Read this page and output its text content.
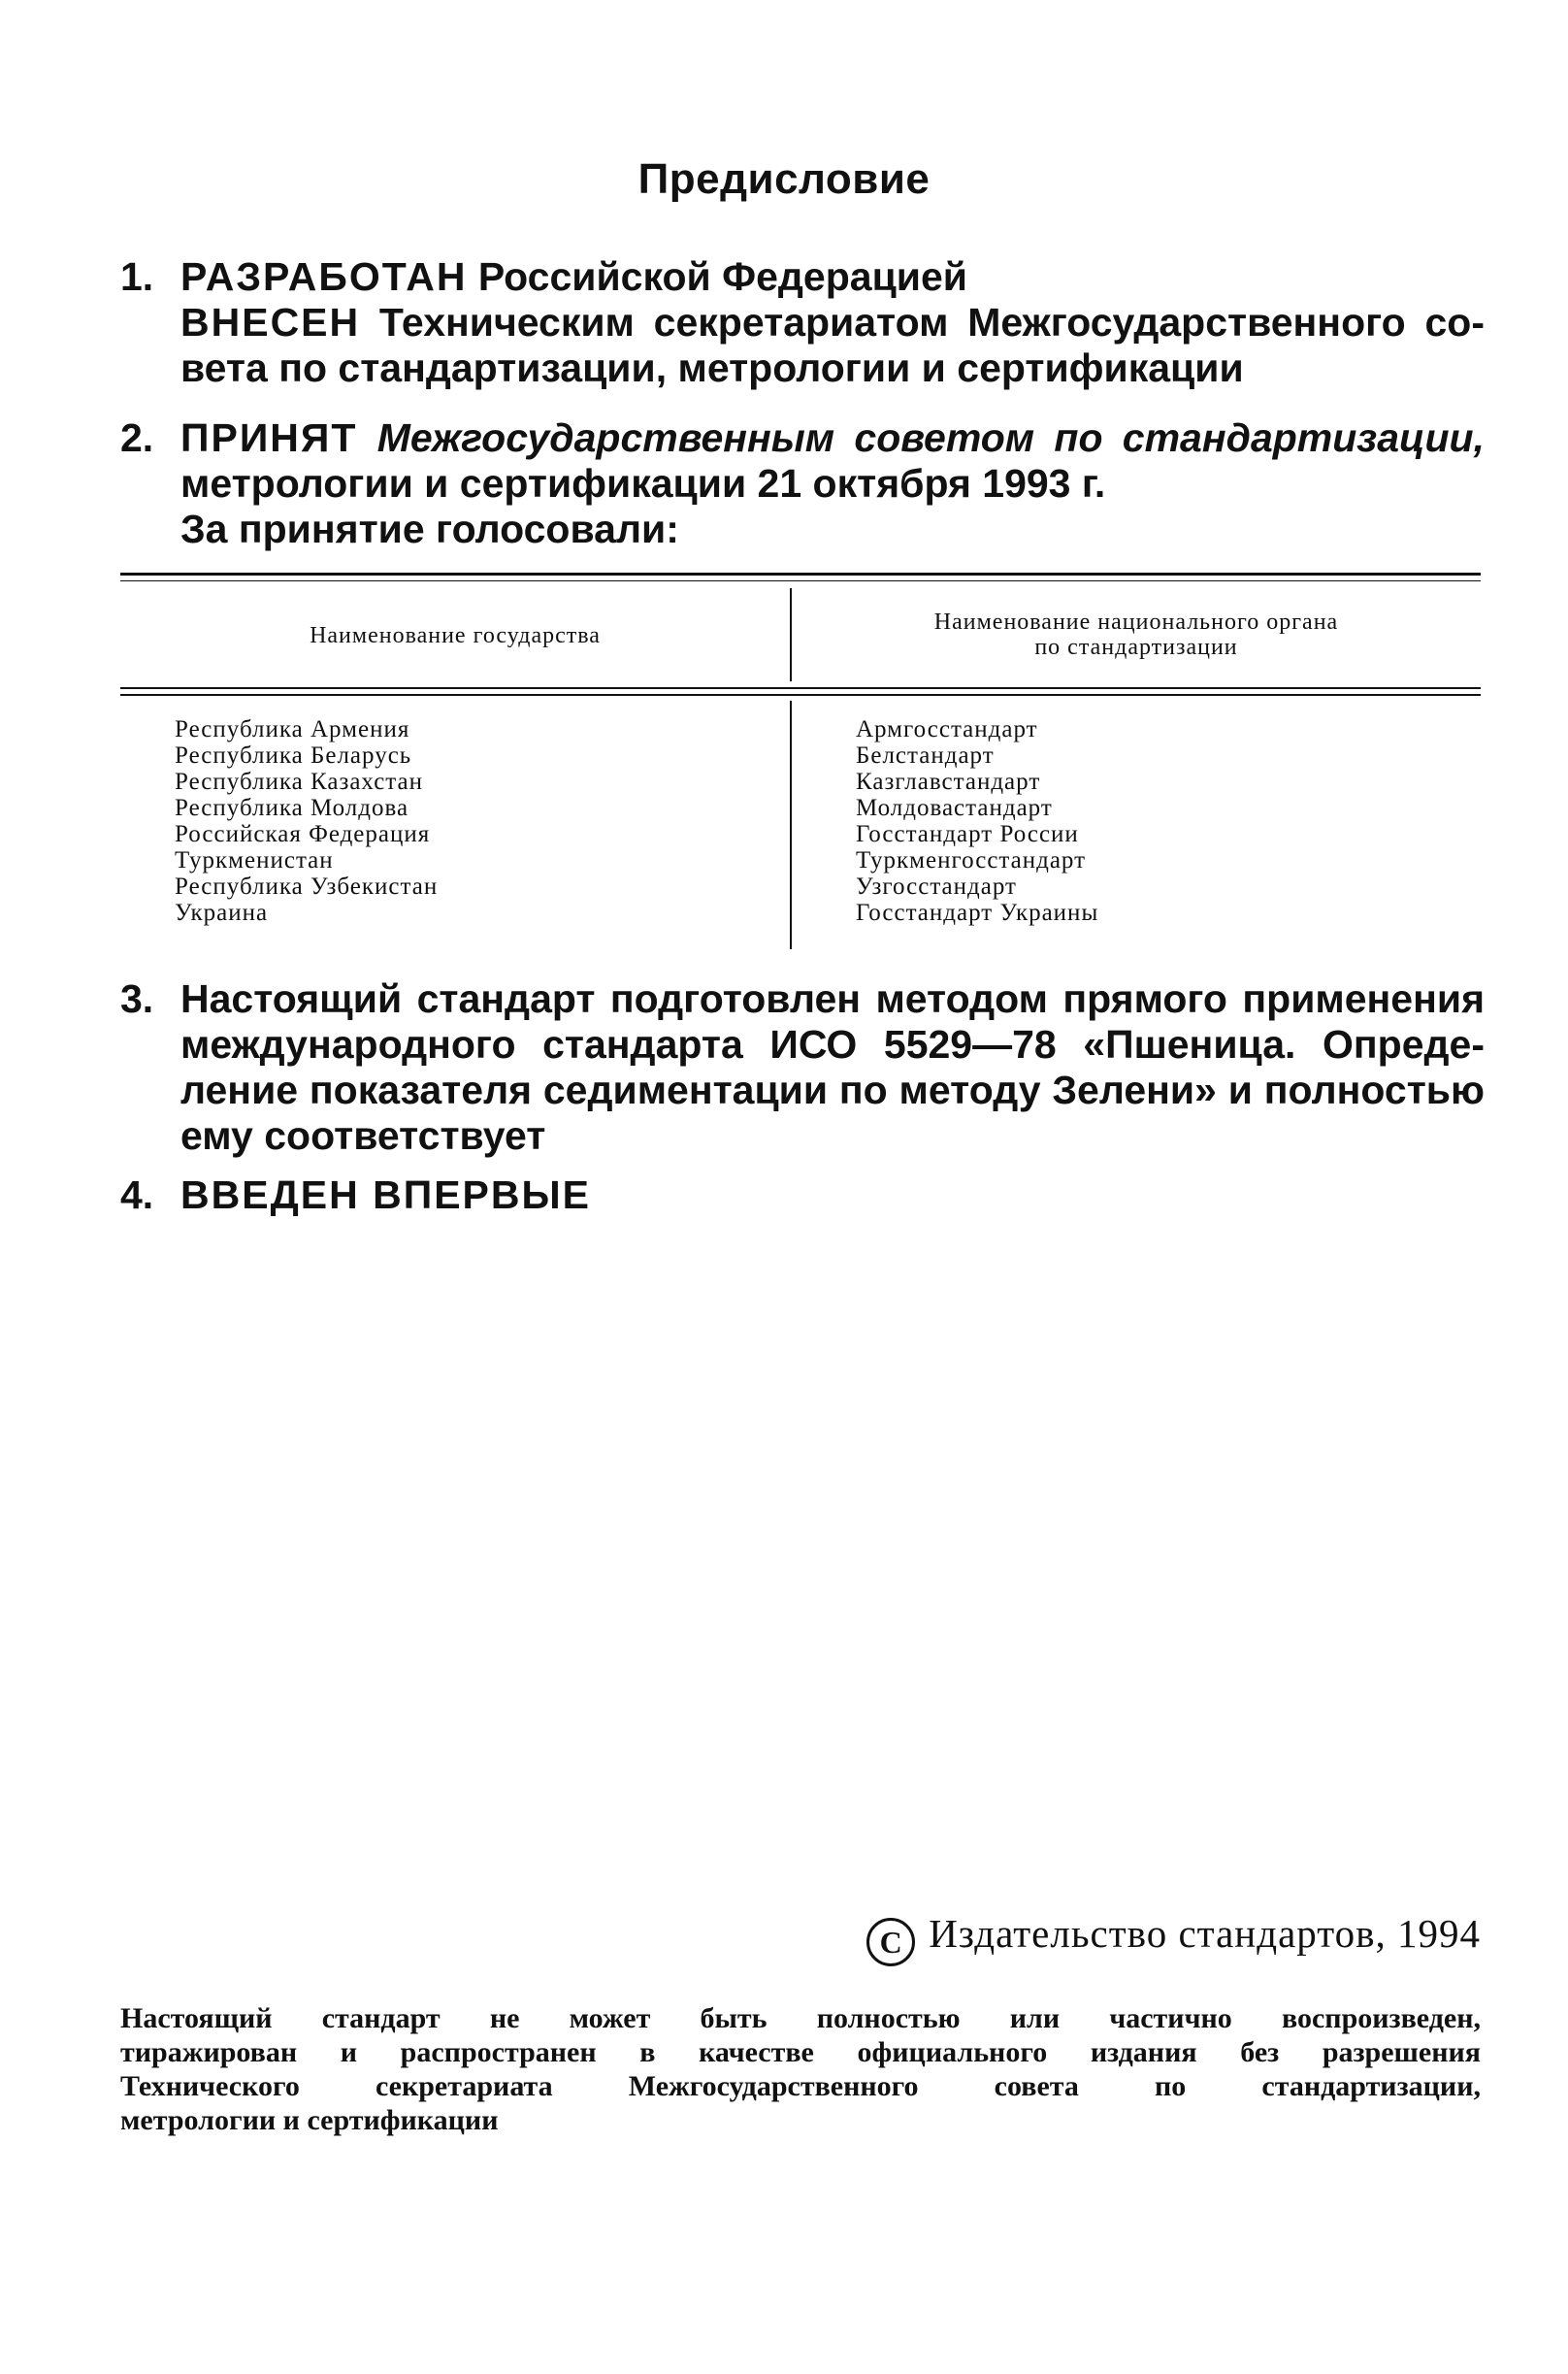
Предисловие
1. РАЗРАБОТАН Российской Федерацией
ВНЕСЕН Техническим секретариатом Межгосударственного со-
вета по стандартизации, метрологии и сертификации
2. ПРИНЯТ Межгосударственным советом по стандартизации,
метрологии и сертификации 21 октября 1993 г.
За принятие голосовали:
Наименование государства
Наименование национального органа
по стандартизации
Республика Армения
Республика Беларусь
Республика Казахстан
Республика Молдова
Российская Федерация
Туркменистан
Республика Узбекистан
Украина
Армгосстандарт
Белстандарт
Казглавстандарт
Молдовастандарт
Госстандарт России
Туркменгосстандарт
Узгосстандарт
Госстандарт Украины
3. Настоящий стандарт подготовлен методом прямого применения
международного стандарта ИСО 5529—78 «Пшеница. Опреде-
ление показателя седиментации по методу Зелени» и полностью
ему соответствует
4. ВВЕДЕН ВПЕРВЫЕ
C Издательство стандартов, 1994
Настоящий стандарт не может быть полностью или частично воспроизведен,
тиражирован и распространен в качестве официального издания без разрешения
Технического секретариата Межгосударственного совета по стандартизации,
метрологии и сертификации
